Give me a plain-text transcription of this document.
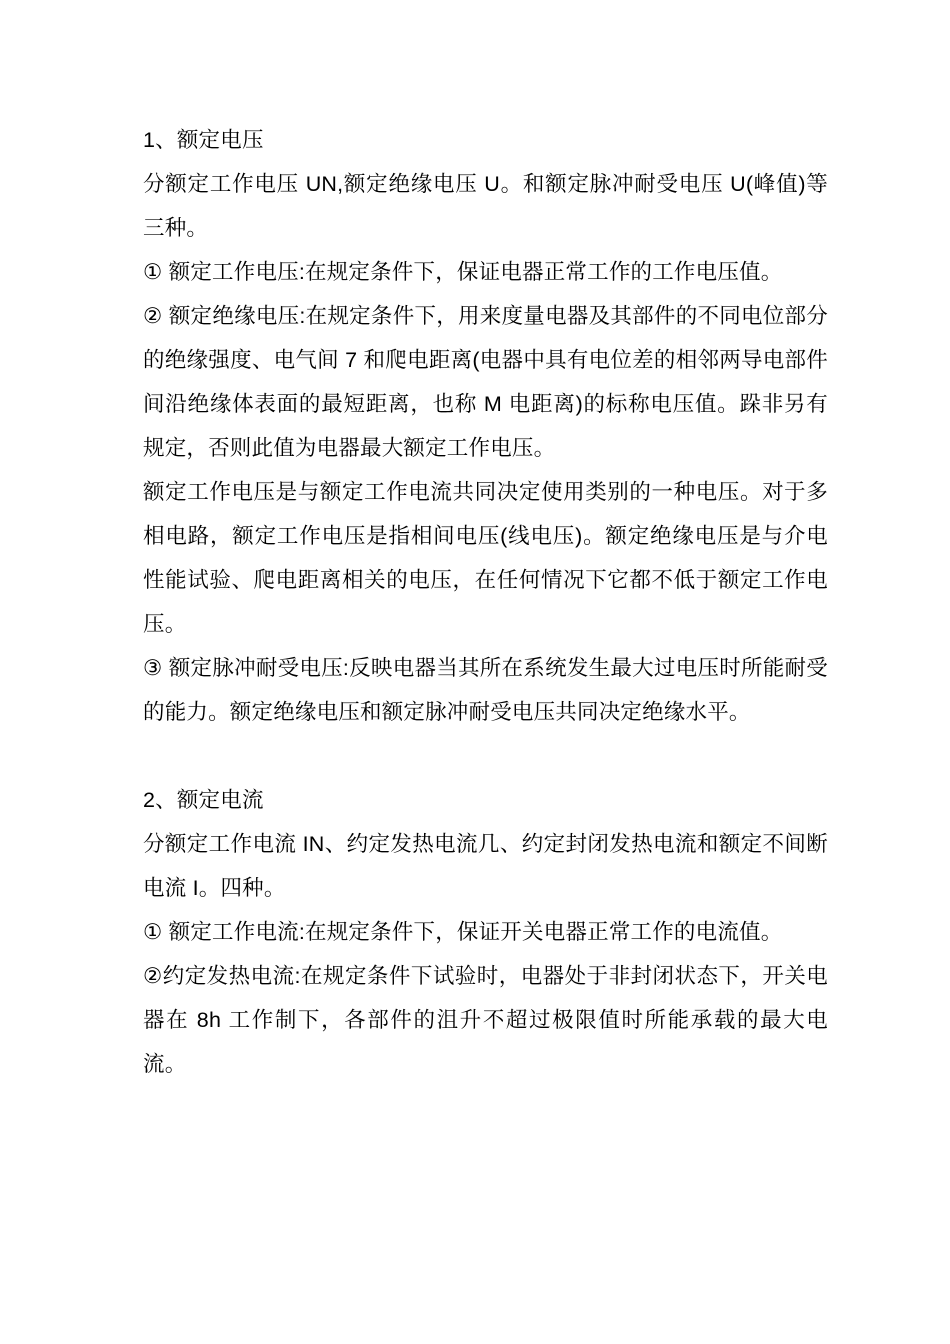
1、额定电压

分额定工作电压 UN,额定绝缘电压 U。和额定脉冲耐受电压 U(峰值)等三种。

① 额定工作电压:在规定条件下，保证电器正常工作的工作电压值。

② 额定绝缘电压:在规定条件下，用来度量电器及其部件的不同电位部分的绝缘强度、电气间 7 和爬电距离(电器中具有电位差的相邻两导电部件间沿绝缘体表面的最短距离，也称 M 电距离)的标称电压值。跺非另有规定，否则此值为电器最大额定工作电压。

额定工作电压是与额定工作电流共同决定使用类别的一种电压。对于多相电路，额定工作电压是指相间电压(线电压)。额定绝缘电压是与介电性能试验、爬电距离相关的电压，在任何情况下它都不低于额定工作电压。

③ 额定脉冲耐受电压:反映电器当其所在系统发生最大过电压时所能耐受的能力。额定绝缘电压和额定脉冲耐受电压共同决定绝缘水平。

2、额定电流

分额定工作电流 IN、约定发热电流几、约定封闭发热电流和额定不间断电流 I。四种。

① 额定工作电流:在规定条件下，保证开关电器正常工作的电流值。

②约定发热电流:在规定条件下试验时，电器处于非封闭状态下，开关电器在 8h 工作制下，各部件的沮升不超过极限值时所能承载的最大电流。
